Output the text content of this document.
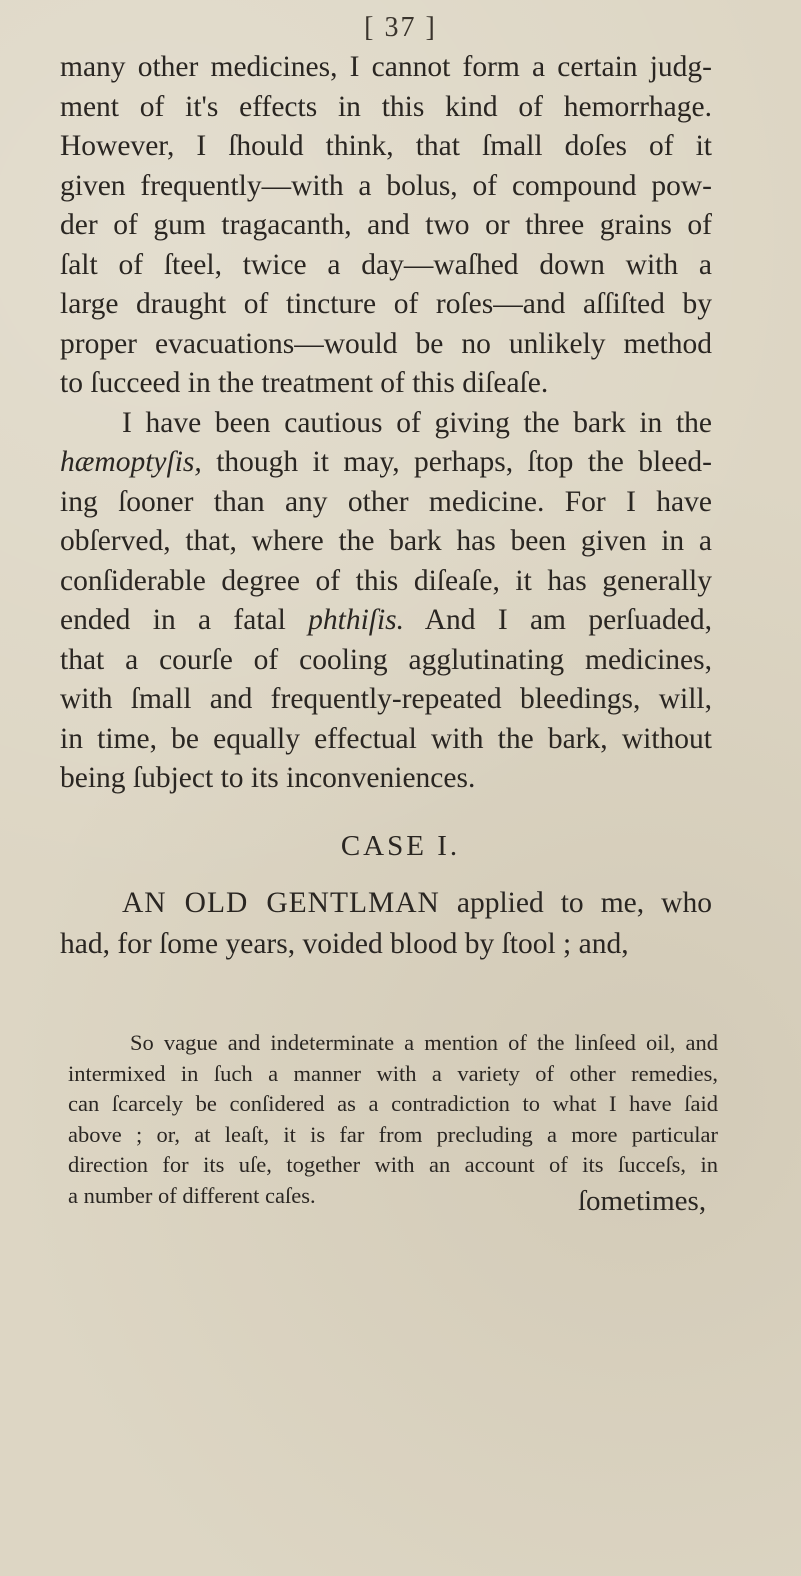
[ 37 ]
many other medicines, I cannot form a certain judg-
ment of it's effects in this kind of hemorrhage.
However, I ſhould think, that ſmall doſes of it
given frequently—with a bolus, of compound pow-
der of gum tragacanth, and two or three grains of
ſalt of ſteel, twice a day—waſhed down with a
large draught of tincture of roſes—and aſſiſted by
proper evacuations—would be no unlikely method
to ſucceed in the treatment of this diſeaſe.
I have been cautious of giving the bark in the
hæmoptyſis, though it may, perhaps, ſtop the bleed-
ing ſooner than any other medicine. For I have
obſerved, that, where the bark has been given in a
conſiderable degree of this diſeaſe, it has generally
ended in a fatal phthiſis. And I am perſuaded,
that a courſe of cooling agglutinating medicines,
with ſmall and frequently-repeated bleedings, will,
in time, be equally effectual with the bark, without
being ſubject to its inconveniences.
CASE I.
AN OLD GENTLMAN applied to me, who
had, for ſome years, voided blood by ſtool ; and,
So vague and indeterminate a mention of the linſeed oil, and
intermixed in ſuch a manner with a variety of other remedies,
can ſcarcely be conſidered as a contradiction to what I have ſaid
above ; or, at leaſt, it is far from precluding a more particular
direction for its uſe, together with an account of its ſucceſs, in
a number of different caſes.	ſometimes,
